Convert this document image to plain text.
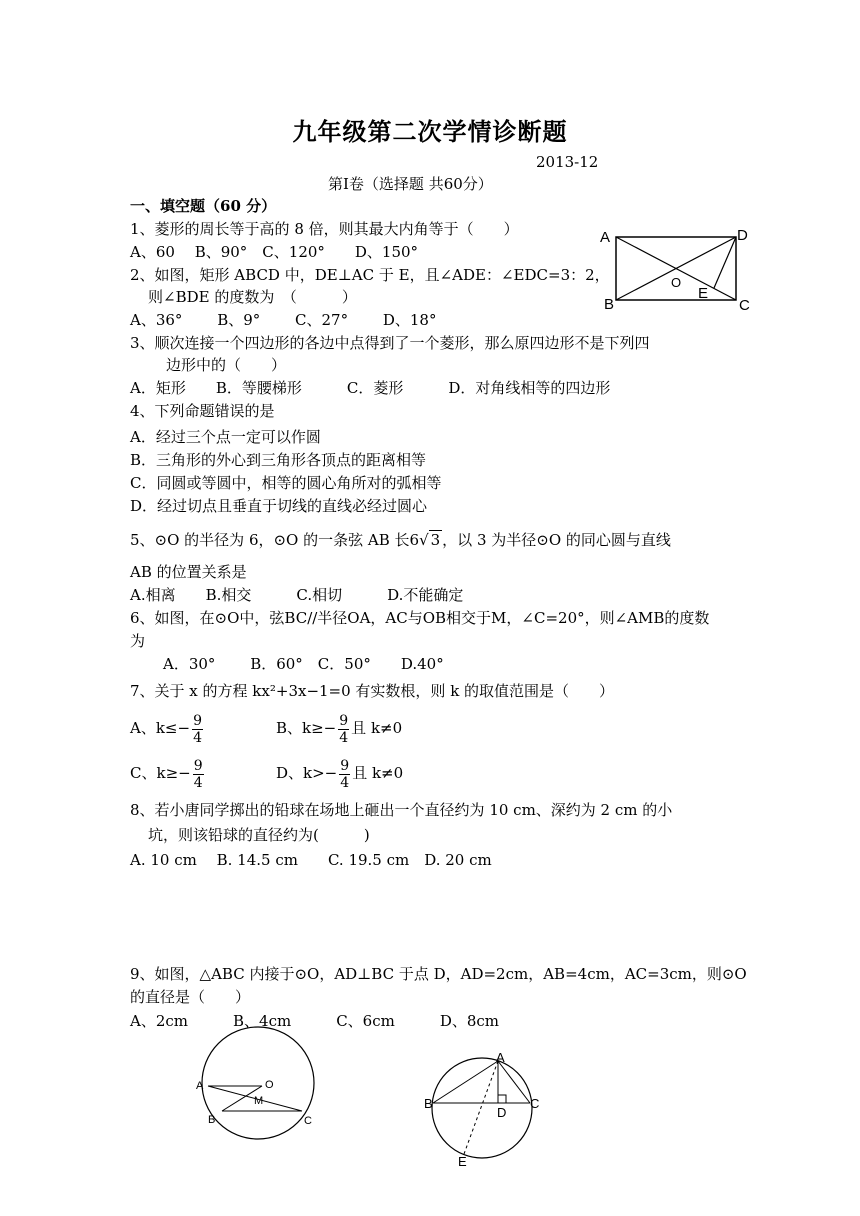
九年级第二次学情诊断题
2013-12
第Ⅰ卷（选择题 共60分）
一、填空题（60 分）
1、菱形的周长等于高的 8 倍，则其最大内角等于（　　）
A、60　 B、90°　C、120°　　D、150°
2、如图，矩形 ABCD 中，DE⊥AC 于 E，且∠ADE：∠EDC=3：2，
则∠BDE 的度数为　（　　　）
A、36°　　 B、9°　　 C、27°　　 D、18°
3、顺次连接一个四边形的各边中点得到了一个菱形，那么原四边形不是下列四
边形中的（　　）
A．矩形　　B．等腰梯形　　　C．菱形　　　D．对角线相等的四边形
4、下列命题错误的是
A．经过三个点一定可以作圆
B．三角形的外心到三角形各顶点的距离相等
C．同圆或等圆中，相等的圆心角所对的弧相等
D．经过切点且垂直于切线的直线必经过圆心
5、⊙O 的半径为 6，⊙O 的一条弦 AB 长6√ 3 ，以 3 为半径⊙O 的同心圆与直线
AB 的位置关系是
A.相离　　B.相交　　　C.相切　　　D.不能确定
6、如图，在⊙O中，弦BC//半径OA，AC与OB相交于M，∠C=20°，则∠AMB的度数
为
A．30°　　 B．60°　C．50°　　D.40°
7、关于 x 的方程 kx²+3x−1=0 有实数根，则 k 的取值范围是（　　）
A、$k\le- \frac{9}{4}$	B、$k\ge- \frac{9}{4}$ 且 k≠0
C、$k\ge- \frac{9}{4}$	D、$k>- \frac{9}{4}$ 且 k≠0
8、若小唐同学掷出的铅球在场地上砸出一个直径约为 10 cm、深约为 2 cm 的小
坑，则该铅球的直径约为(　　　)
A. 10 cm　 B. 14.5 cm　　C. 19.5 cm　D. 20 cm
9、如图，△ABC 内接于⊙O，AD⊥BC 于点 D，AD=2cm，AB=4cm，AC=3cm，则⊙O
的直径是（　　）
A、2cm　　　B、4cm　　　C、6cm　　　D、8cm
A
B	C
D
O
E
A
B	C
O
M
A
B	C
D
E
